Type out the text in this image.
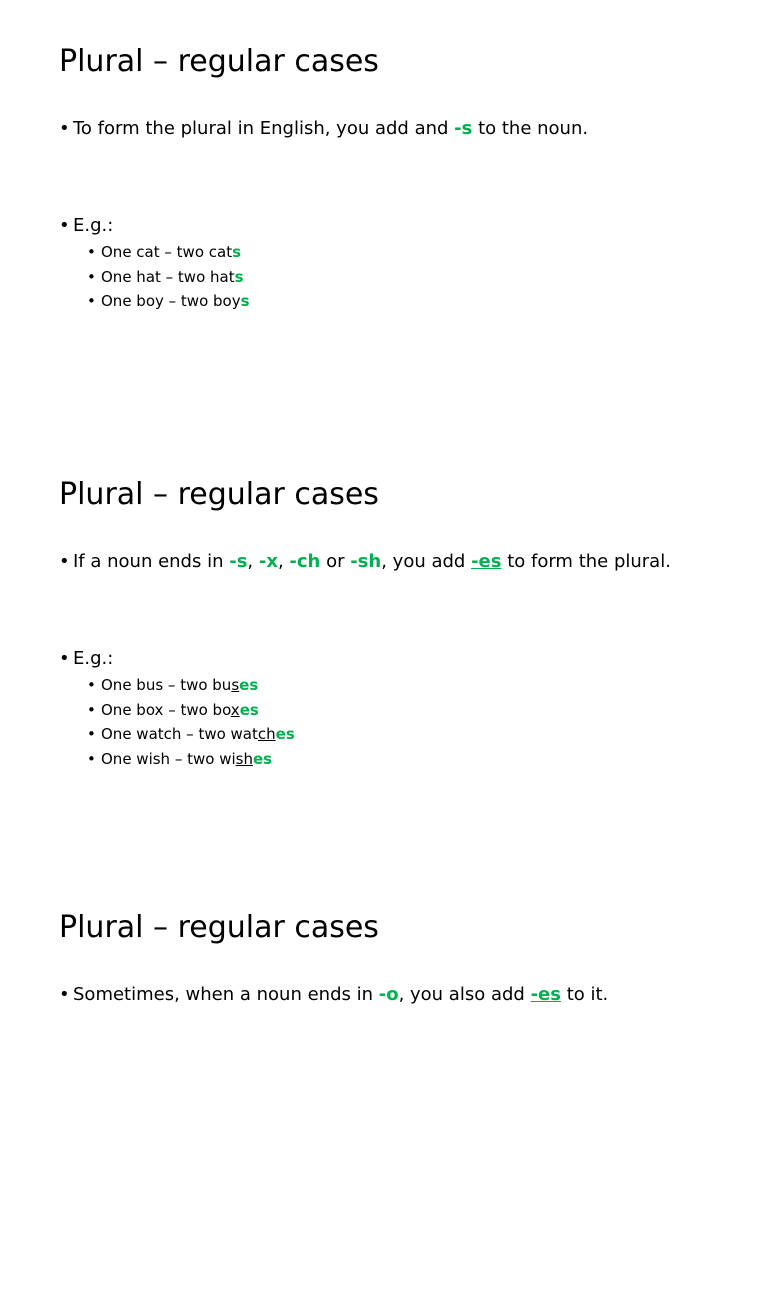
Plural – regular cases
• To form the plural in English, you add and -s to the noun.
• E.g.:
• One cat – two cats
• One hat – two hats
• One boy – two boys
Plural – regular cases
• If a noun ends in -s, -x, -ch or -sh, you add -es to form the plural.
• E.g.:
• One bus – two buses
• One box – two boxes
• One watch – two watches
• One wish – two wishes
Plural – regular cases
• Sometimes, when a noun ends in -o, you also add -es to it.
